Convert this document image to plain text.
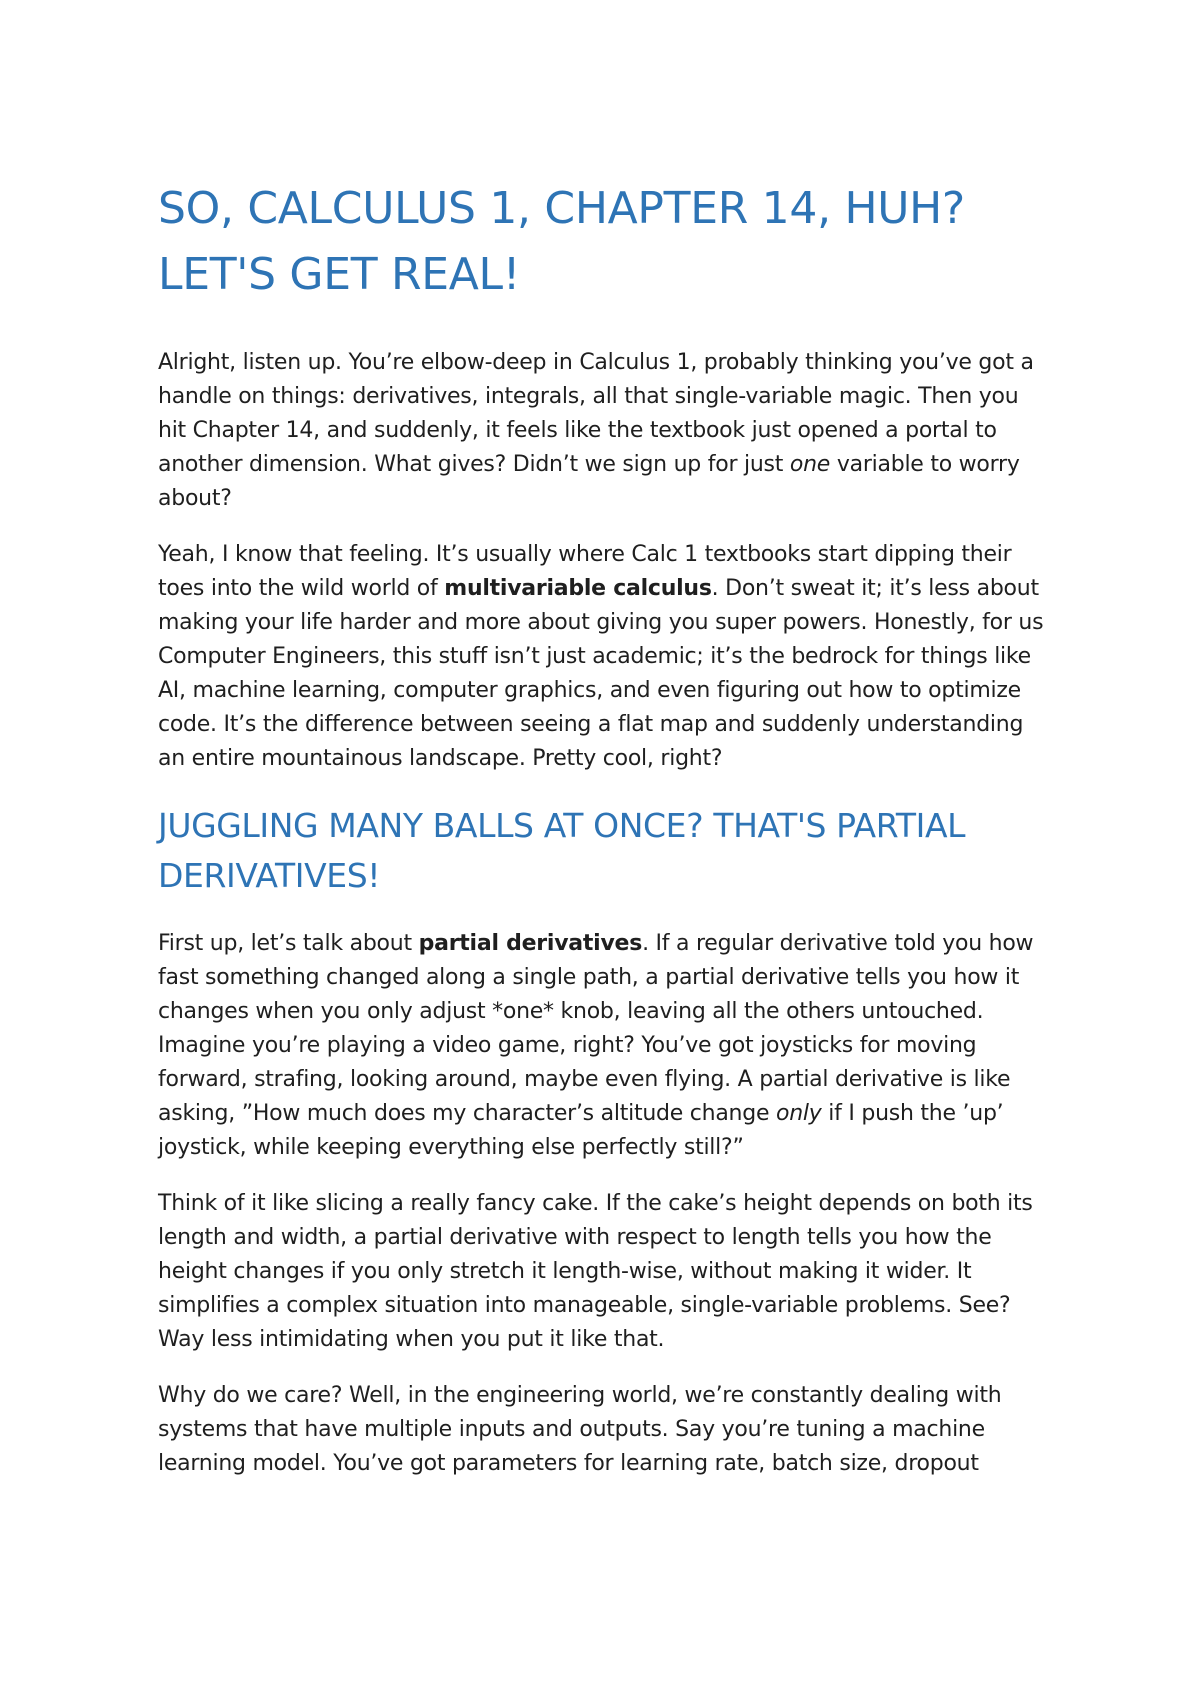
SO, CALCULUS 1, CHAPTER 14, HUH?
LET'S GET REAL!

Alright, listen up. You’re elbow-deep in Calculus 1, probably thinking you’ve got a handle on things: derivatives, integrals, all that single-variable magic. Then you hit Chapter 14, and suddenly, it feels like the textbook just opened a portal to another dimension. What gives? Didn’t we sign up for just one variable to worry about?

Yeah, I know that feeling. It’s usually where Calc 1 textbooks start dipping their toes into the wild world of multivariable calculus. Don’t sweat it; it’s less about making your life harder and more about giving you super powers. Honestly, for us Computer Engineers, this stuff isn’t just academic; it’s the bedrock for things like AI, machine learning, computer graphics, and even figuring out how to optimize code. It’s the difference between seeing a flat map and suddenly understanding an entire mountainous landscape. Pretty cool, right?

JUGGLING MANY BALLS AT ONCE? THAT'S PARTIAL
DERIVATIVES!

First up, let’s talk about partial derivatives. If a regular derivative told you how fast something changed along a single path, a partial derivative tells you how it changes when you only adjust *one* knob, leaving all the others untouched. Imagine you’re playing a video game, right? You’ve got joysticks for moving forward, strafing, looking around, maybe even flying. A partial derivative is like asking, ”How much does my character’s altitude change only if I push the ’up’ joystick, while keeping everything else perfectly still?”

Think of it like slicing a really fancy cake. If the cake’s height depends on both its length and width, a partial derivative with respect to length tells you how the height changes if you only stretch it length-wise, without making it wider. It simplifies a complex situation into manageable, single-variable problems. See? Way less intimidating when you put it like that.

Why do we care? Well, in the engineering world, we’re constantly dealing with systems that have multiple inputs and outputs. Say you’re tuning a machine learning model. You’ve got parameters for learning rate, batch size, dropout
